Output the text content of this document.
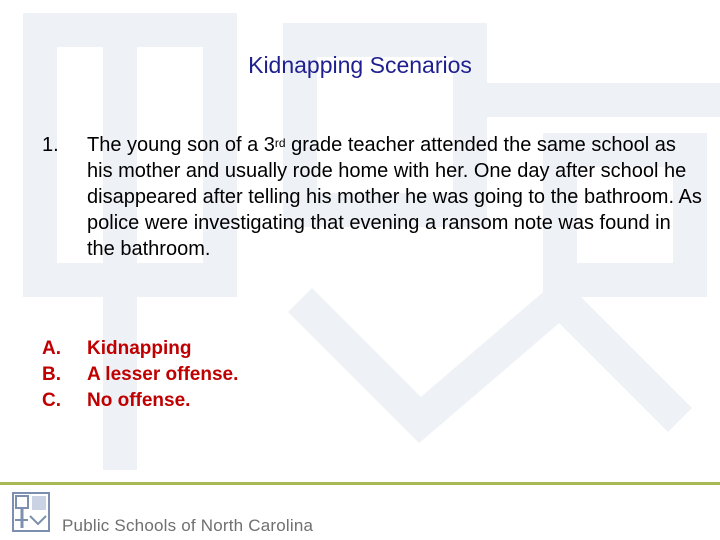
Kidnapping Scenarios
1.	The young son of a 3rd grade teacher attended the same school as his mother and usually rode home with her. One day after school he disappeared after telling his mother he was going to the bathroom. As police were investigating that evening a ransom note was found in the bathroom.
A.	Kidnapping
B.	A lesser offense.
C.	No offense.
Public Schools of North Carolina
